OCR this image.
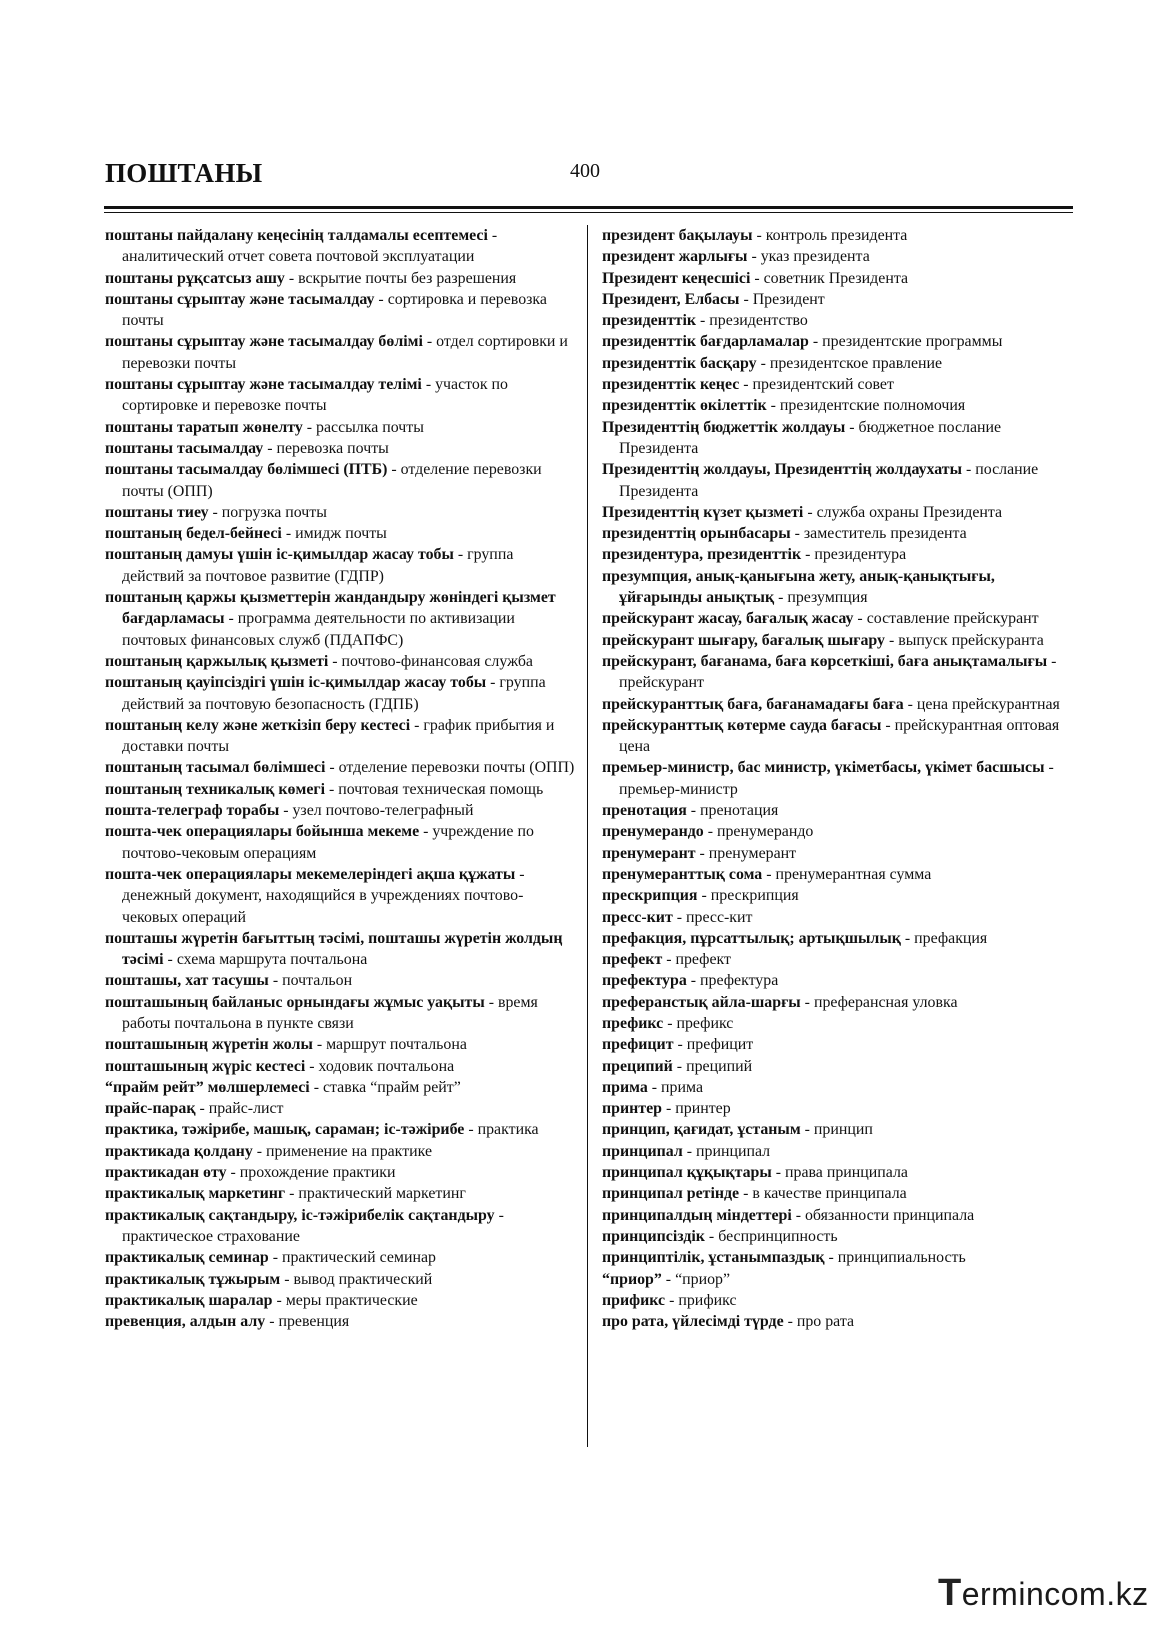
ПОШТАНЫ	400
поштаны пайдалану кеңесінің талдамалы есептемесі - аналитический отчет совета почтовой эксплуатации
поштаны рұқсатсыз ашу - вскрытие почты без разрешения
поштаны сұрыптау және тасымалдау - сортировка и перевозка почты
поштаны сұрыптау және тасымалдау бөлімі - отдел сортировки и перевозки почты
поштаны сұрыптау және тасымалдау телімі - участок по сортировке и перевозке почты
поштаны таратып жөнелту - рассылка почты
поштаны тасымалдау - перевозка почты
поштаны тасымалдау бөлімшесі (ПТБ) - отделение перевозки почты (ОПП)
поштаны тиеу - погрузка почты
поштаның бедел-бейнесі - имидж почты
поштаның дамуы үшін іс-қимылдар жасау тобы - группа действий за почтовое развитие (ГДПР)
поштаның қаржы қызметтерін жандандыру жөніндегі қызмет бағдарламасы - программа деятельности по активизации почтовых финансовых служб (ПДАПФС)
поштаның қаржылық қызметі - почтово-финансовая служба
поштаның қауіпсіздігі үшін іс-қимылдар жасау тобы - группа действий за почтовую безопасность (ГДПБ)
поштаның келу және жеткізіп беру кестесі - график прибытия и доставки почты
поштаның тасымал бөлімшесі - отделение перевозки почты (ОПП)
поштаның техникалық көмегі - почтовая техническая помощь
пошта-телеграф торабы - узел почтово-телеграфный
пошта-чек операциялары бойынша мекеме - учреждение по почтово-чековым операциям
пошта-чек операциялары мекемелеріндегі ақша құжаты - денежный документ, находящийся в учреждениях почтово-чековых операций
пошташы жүретін бағыттың тәсімі, пошташы жүретін жолдың тәсімі - схема маршрута почтальона
пошташы, хат тасушы - почтальон
пошташының байланыс орнындағы жұмыс уақыты - время работы почтальона в пункте связи
пошташының жүретін жолы - маршрут почтальона
пошташының жүріс кестесі - ходовик почтальона
“прайм рейт” мөлшерлемесі - ставка “прайм рейт”
прайс-парақ - прайс-лист
практика, тәжірибе, машық, сараман; іс-тәжірибе - практика
практикада қолдану - применение на практике
практикадан өту - прохождение практики
практикалық маркетинг - практический маркетинг
практикалық сақтандыру, іс-тәжірибелік сақтандыру - практическое страхование
практикалық семинар - практический семинар
практикалық тұжырым - вывод практический
практикалық шаралар - меры практические
превенция, алдын алу - превенция
президент бақылауы - контроль президента
президент жарлығы - указ президента
Президент кеңесшісі - советник Президента
Президент, Елбасы - Президент
президенттік - президентство
президенттік бағдарламалар - президентские программы
президенттік басқару - президентское правление
президенттік кеңес - президентский совет
президенттік өкілеттік - президентские полномочия
Президенттің бюджеттік жолдауы - бюджетное послание Президента
Президенттің жолдауы, Президенттің жолдаухаты - послание Президента
Президенттің күзет қызметі - служба охраны Президента
президенттің орынбасары - заместитель президента
президентура, президенттік - президентура
презумпция, анық-қанығына жету, анық-қанықтығы, ұйғарынды анықтық - презумпция
прейскурант жасау, бағалық жасау - составление прейскурант
прейскурант шығару, бағалық шығару - выпуск прейскуранта
прейскурант, бағанама, баға көрсеткіші, баға анықтамалығы - прейскурант
прейскуранттық баға, бағанамадағы баға - цена прейскурантная
прейскуранттық көтерме сауда бағасы - прейскурантная оптовая цена
премьер-министр, бас министр, үкіметбасы, үкімет басшысы - премьер-министр
пренотация - пренотация
пренумерандо - пренумерандо
пренумерант - пренумерант
пренумеранттық сома - пренумерантная сумма
прескрипция - прескрипция
пресс-кит - пресс-кит
префакция, пұрсаттылық; артықшылық - префакция
префект - префект
префектура - префектура
преферанстық айла-шарғы - преферансная уловка
префикс - префикс
префицит - префицит
преципий - преципий
прима - прима
принтер - принтер
принцип, қағидат, ұстаным - принцип
принципал - принципал
принципал құқықтары - права принципала
принципал ретінде - в качестве принципала
принципалдың міндеттері - обязанности принципала
принципсіздік - беспринципность
принциптілік, ұстанымпаздық - принципиальность
“приор” - “приор”
прификс - прификс
про рата, үйлесімді түрде - про рата
Termincom.kz
